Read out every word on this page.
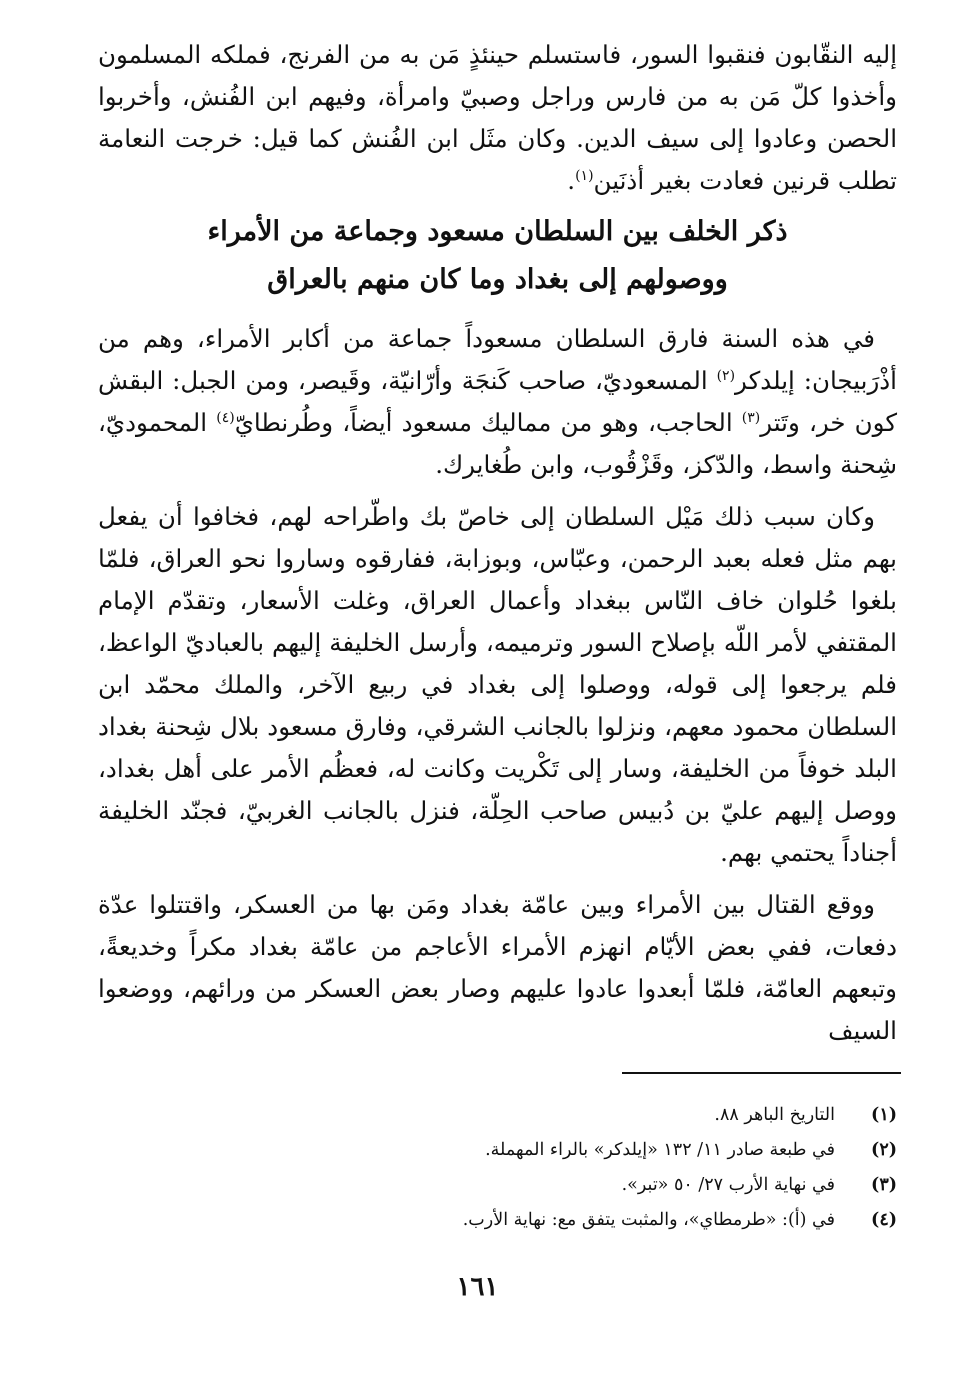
إليه النقّابون فنقبوا السور، فاستسلم حينئذٍ مَن به من الفرنج، فملكه المسلمون وأخذوا كلّ مَن به من فارس وراجل وصبيّ وامرأة، وفيهم ابن الفُنش، وأخربوا الحصن وعادوا إلى سيف الدين. وكان مثَل ابن الفُنش كما قيل: خرجت النعامة تطلب قرنين فعادت بغير أذنَين$^{(١)}$.

ذكر الخلف بين السلطان مسعود وجماعة من الأمراء
ووصولهم إلى بغداد وما كان منهم بالعراق

في هذه السنة فارق السلطان مسعوداً جماعة من أكابر الأمراء، وهم من أذْرَبيجان: إيلدكر$^{(٢)}$ المسعوديّ، صاحب كَنجَة وأرّانيّة، وقَيصر، ومن الجبل: البقش كون خر، وتَتر$^{(٣)}$ الحاجب، وهو من مماليك مسعود أيضاً، وطُرنطايّ$^{(٤)}$ المحموديّ، شِحنة واسط، والدّكز، وقَزْقُوب، وابن طُغايرك.

وكان سبب ذلك مَيْل السلطان إلى خاصّ بك واطّراحه لهم، فخافوا أن يفعل بهم مثل فعله بعبد الرحمن، وعبّاس، وبوزابة، ففارقوه وساروا نحو العراق، فلمّا بلغوا حُلوان خاف النّاس ببغداد وأعمال العراق، وغلت الأسعار، وتقدّم الإمام المقتفي لأمر اللّه بإصلاح السور وترميمه، وأرسل الخليفة إليهم بالعباديّ الواعظ، فلم يرجعوا إلى قوله، ووصلوا إلى بغداد في ربيع الآخر، والملك محمّد ابن السلطان محمود معهم، ونزلوا بالجانب الشرقي، وفارق مسعود بلال شِحنة بغداد البلد خوفاً من الخليفة، وسار إلى تَكْريت وكانت له، فعظُم الأمر على أهل بغداد، ووصل إليهم عليّ بن دُبيس صاحب الحِلّة، فنزل بالجانب الغربيّ، فجنّد الخليفة أجناداً يحتمي بهم.

ووقع القتال بين الأمراء وبين عامّة بغداد ومَن بها من العسكر، واقتتلوا عدّة دفعات، ففي بعض الأيّام انهزم الأمراء الأعاجم من عامّة بغداد مكراً وخديعةً، وتبعهم العامّة، فلمّا أبعدوا عادوا عليهم وصار بعض العسكر من ورائهم، ووضعوا السيف

(١)التاريخ الباهر ٨٨.
(٢)في طبعة صادر ١١/ ١٣٢ «إيلدكر» بالراء المهملة.
(٣)في نهاية الأرب ٢٧/ ٥٠ «تبر».
(٤)في (أ): «طرمطاي»، والمثبت يتفق مع: نهاية الأرب.
١٦١
